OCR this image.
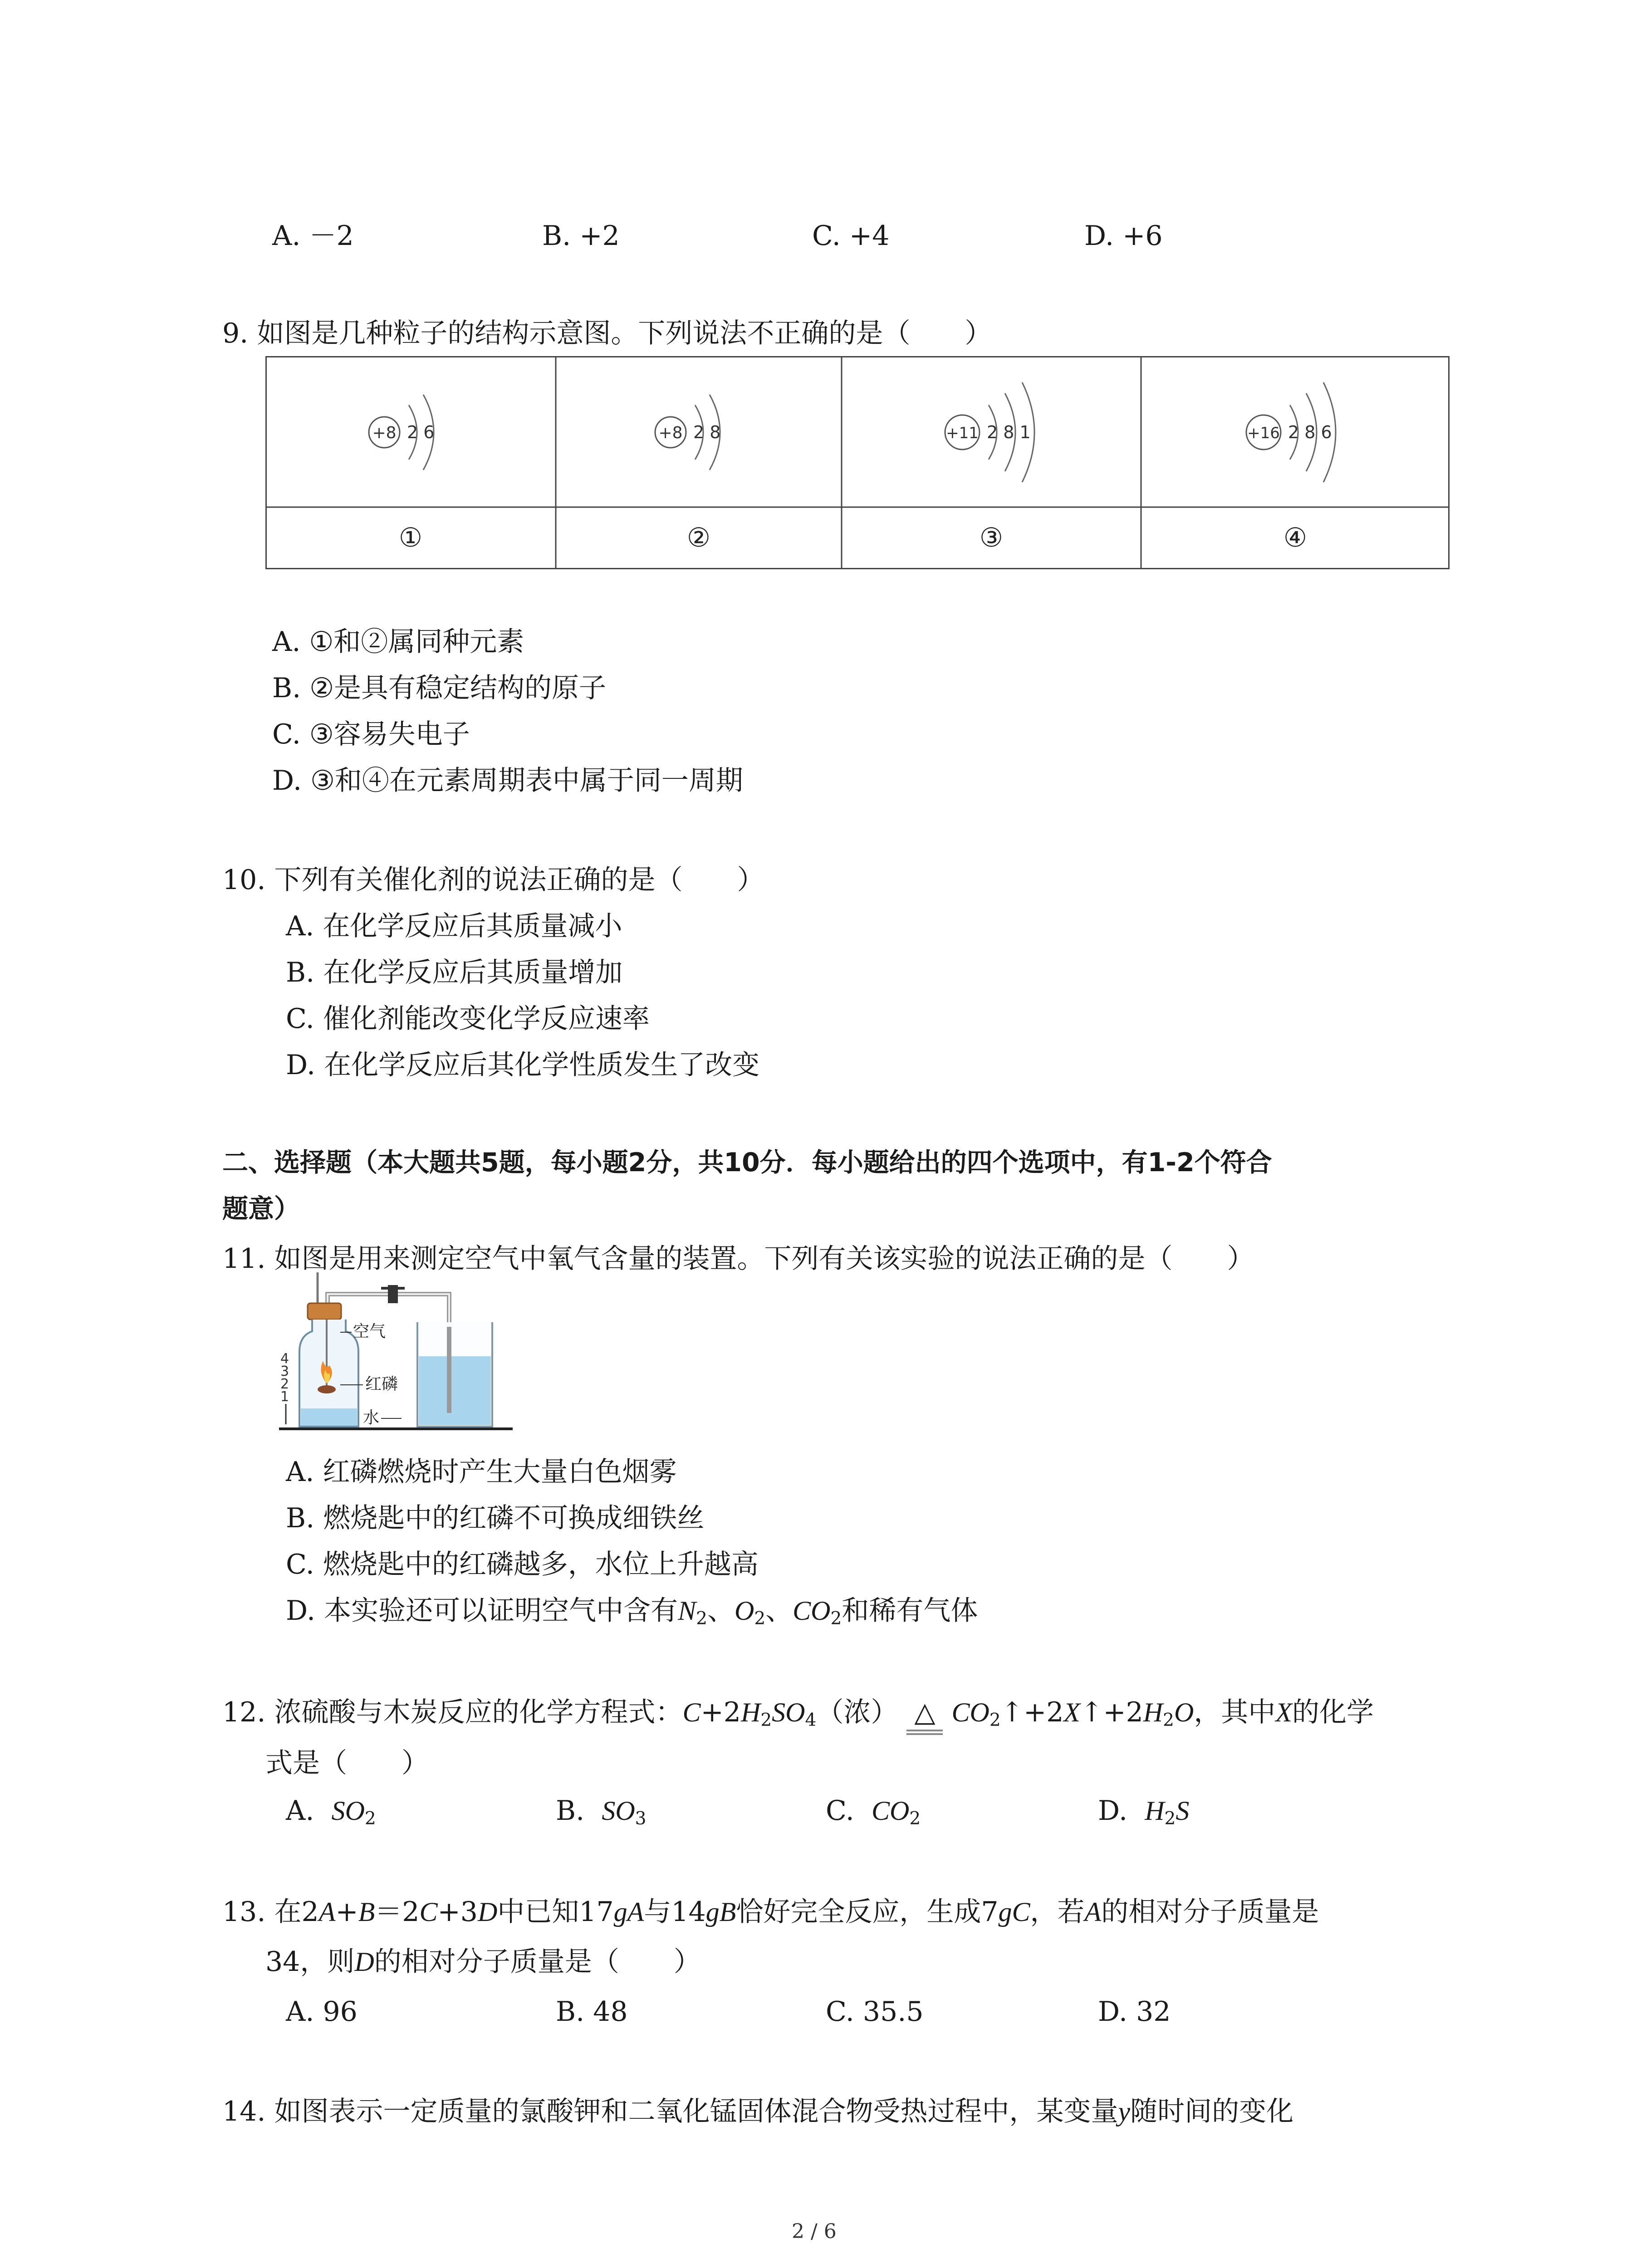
A. －2	B. +2	C. +4	D. +6
9. 如图是几种粒子的结构示意图。下列说法不正确的是（　　）
+8 2 6	+8 2 8	+11 2 8 1	+16 2 8 6
①	②	③	④
A. ①和②属同种元素
B. ②是具有稳定结构的原子
C. ③容易失电子
D. ③和④在元素周期表中属于同一周期
10. 下列有关催化剂的说法正确的是（　　）
A. 在化学反应后其质量减小
B. 在化学反应后其质量增加
C. 催化剂能改变化学反应速率
D. 在化学反应后其化学性质发生了改变
二、选择题（本大题共5题，每小题2分，共10分．每小题给出的四个选项中，有1-2个符合
题意）
11. 如图是用来测定空气中氧气含量的装置。下列有关该实验的说法正确的是（　　）
4
3
2
1
空气
红磷
水
A. 红磷燃烧时产生大量白色烟雾
B. 燃烧匙中的红磷不可换成细铁丝
C. 燃烧匙中的红磷越多，水位上升越高
D. 本实验还可以证明空气中含有$N_2$、$O_2$、$CO_2$和稀有气体
12. 浓硫酸与木炭反应的化学方程式：$C+2H_2SO_4$（浓） △ $CO_2↑+2X↑+2H_2O$，其中X的化学
式是（　　）
A. $SO_2$	B. $SO_3$	C. $CO_2$	D. $H_2S$
13. 在2A+B＝2C+3D中已知17gA与14gB恰好完全反应，生成7gC，若A的相对分子质量是
34，则D的相对分子质量是（　　）
A. 96	B. 48	C. 35.5	D. 32
14. 如图表示一定质量的氯酸钾和二氧化锰固体混合物受热过程中，某变量y随时间的变化
2 / 6
